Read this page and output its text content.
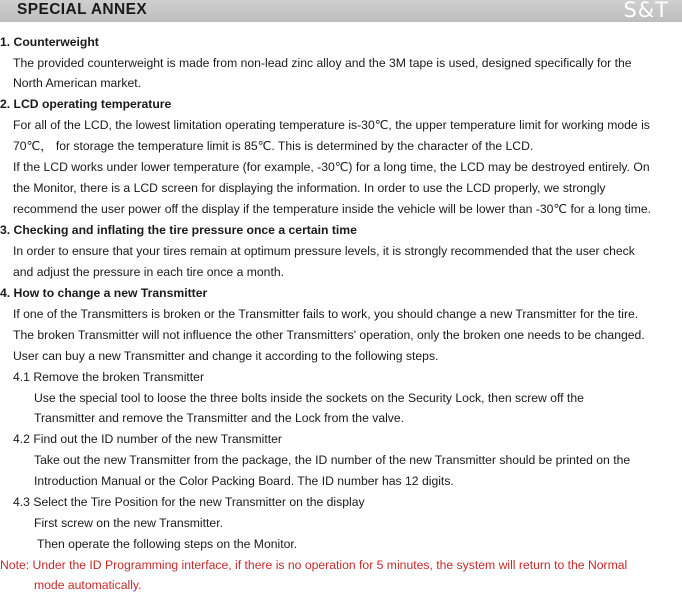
SPECIAL ANNEX	S&T
1. Counterweight
The provided counterweight is made from non-lead zinc alloy and the 3M tape is used, designed specifically for the
North American market.
2. LCD operating temperature
For all of the LCD, the lowest limitation operating temperature is-30℃, the upper temperature limit for working mode is
70℃， for storage the temperature limit is 85℃. This is determined by the character of the LCD.
If the LCD works under lower temperature (for example, -30℃) for a long time, the LCD may be destroyed entirely. On
the Monitor, there is a LCD screen for displaying the information. In order to use the LCD properly, we strongly
recommend the user power off the display if the temperature inside the vehicle will be lower than -30℃ for a long time.
3. Checking and inflating the tire pressure once a certain time
In order to ensure that your tires remain at optimum pressure levels, it is strongly recommended that the user check
and adjust the pressure in each tire once a month.
4. How to change a new Transmitter
If one of the Transmitters is broken or the Transmitter fails to work, you should change a new Transmitter for the tire.
The broken Transmitter will not influence the other Transmitters' operation, only the broken one needs to be changed.
User can buy a new Transmitter and change it according to the following steps.
4.1 Remove the broken Transmitter
Use the special tool to loose the three bolts inside the sockets on the Security Lock, then screw off the
Transmitter and remove the Transmitter and the Lock from the valve.
4.2 Find out the ID number of the new Transmitter
Take out the new Transmitter from the package, the ID number of the new Transmitter should be printed on the
Introduction Manual or the Color Packing Board. The ID number has 12 digits.
4.3 Select the Tire Position for the new Transmitter on the display
First screw on the new Transmitter.
Then operate the following steps on the Monitor.
Note: Under the ID Programming interface, if there is no operation for 5 minutes, the system will return to the Normal
mode automatically.
